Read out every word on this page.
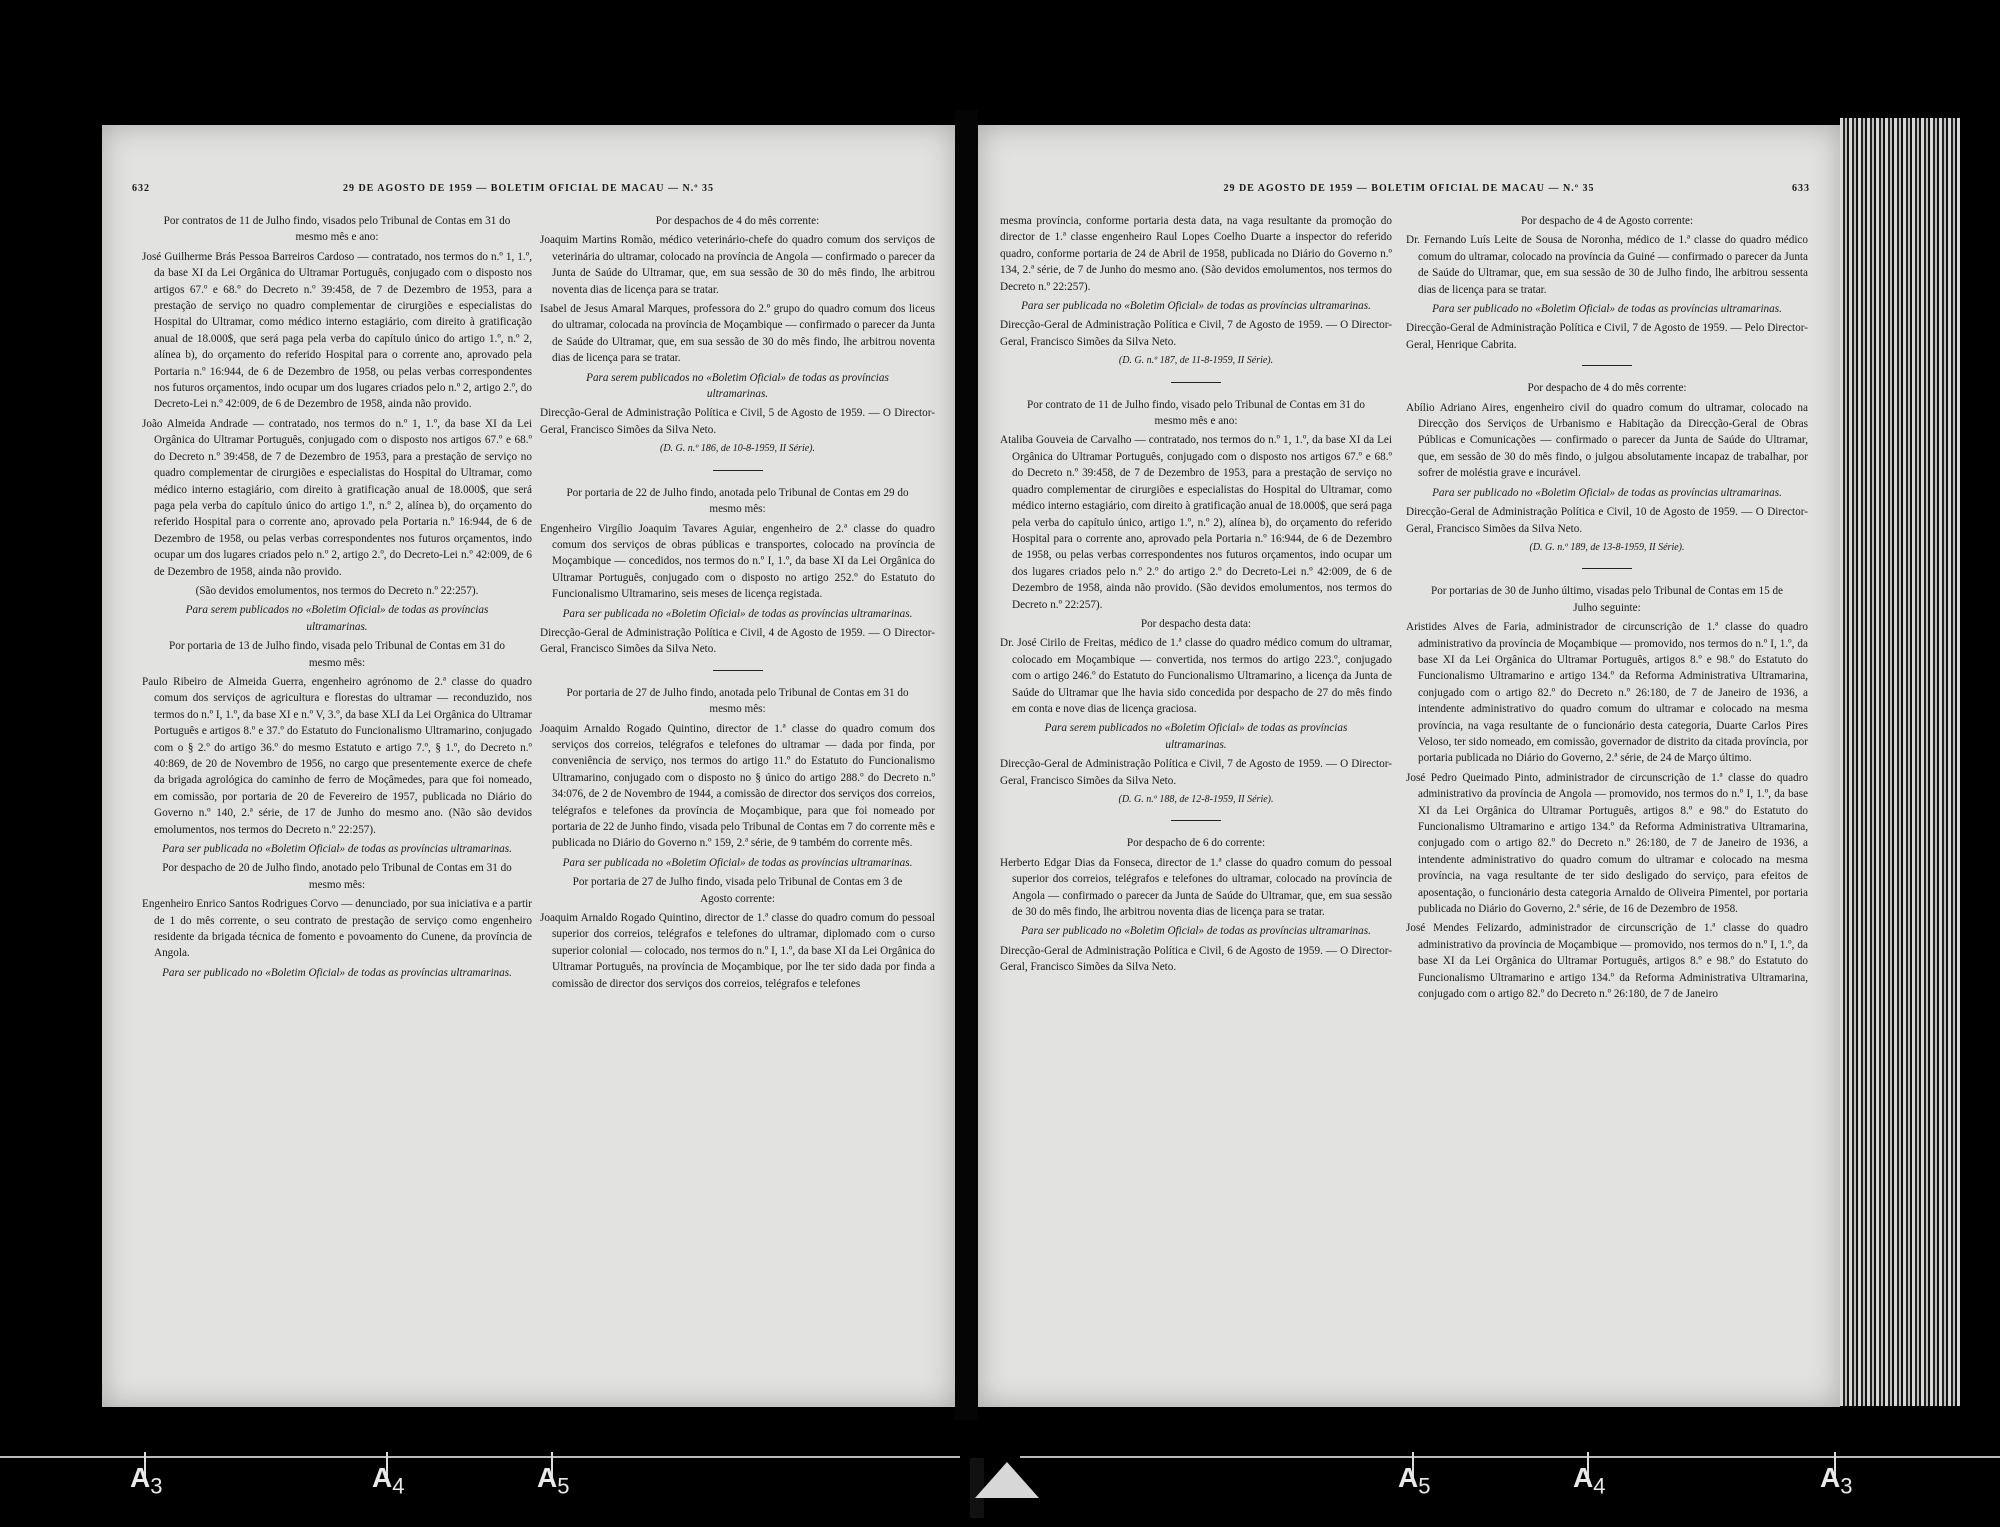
632	29 DE AGOSTO DE 1959 — BOLETIM OFICIAL DE MACAU — N.º 35

Por contratos de 11 de Julho findo, visados pelo Tribunal de Contas em 31 do mesmo mês e ano:

José Guilherme Brás Pessoa Barreiros Cardoso — contratado, nos termos do n.º 1, 1.º, da base XI da Lei Orgânica do Ultramar Português, conjugado com o disposto nos artigos 67.º e 68.º do Decreto n.º 39:458, de 7 de Dezembro de 1953, para a prestação de serviço no quadro complementar de cirurgiões e especialistas do Hospital do Ultramar, como médico interno estagiário, com direito à gratificação anual de 18.000$, que será paga pela verba do capítulo único do artigo 1.º, n.º 2, alínea b), do orçamento do referido Hospital para o corrente ano, aprovado pela Portaria n.º 16:944, de 6 de Dezembro de 1958, ou pelas verbas correspondentes nos futuros orçamentos, indo ocupar um dos lugares criados pelo n.º 2, artigo 2.º, do Decreto-Lei n.º 42:009, de 6 de Dezembro de 1958, ainda não provido.

João Almeida Andrade — contratado, nos termos do n.º 1, 1.º, da base XI da Lei Orgânica do Ultramar Português, conjugado com o disposto nos artigos 67.º e 68.º do Decreto n.º 39:458, de 7 de Dezembro de 1953, para a prestação de serviço no quadro complementar de cirurgiões e especialistas do Hospital do Ultramar, como médico interno estagiário, com direito à gratificação anual de 18.000$, que será paga pela verba do capítulo único do artigo 1.º, n.º 2, alínea b), do orçamento do referido Hospital para o corrente ano, aprovado pela Portaria n.º 16:944, de 6 de Dezembro de 1958, ou pelas verbas correspondentes nos futuros orçamentos, indo ocupar um dos lugares criados pelo n.º 2, artigo 2.º, do Decreto-Lei n.º 42:009, de 6 de Dezembro de 1958, ainda não provido.

(São devidos emolumentos, nos termos do Decreto n.º 22:257).

Para serem publicados no «Boletim Oficial» de todas as províncias ultramarinas.

Por portaria de 13 de Julho findo, visada pelo Tribunal de Contas em 31 do mesmo mês:

Paulo Ribeiro de Almeida Guerra, engenheiro agrónomo de 2.ª classe do quadro comum dos serviços de agricultura e florestas do ultramar — reconduzido, nos termos do n.º I, 1.º, da base XI e n.º V, 3.º, da base XLI da Lei Orgânica do Ultramar Português e artigos 8.º e 37.º do Estatuto do Funcionalismo Ultramarino, conjugado com o § 2.º do artigo 36.º do mesmo Estatuto e artigo 7.º, § 1.º, do Decreto n.º 40:869, de 20 de Novembro de 1956, no cargo que presentemente exerce de chefe da brigada agrológica do caminho de ferro de Moçâmedes, para que foi nomeado, em comissão, por portaria de 20 de Fevereiro de 1957, publicada no Diário do Governo n.º 140, 2.ª série, de 17 de Junho do mesmo ano. (Não são devidos emolumentos, nos termos do Decreto n.º 22:257).

Para ser publicada no «Boletim Oficial» de todas as províncias ultramarinas.

Por despacho de 20 de Julho findo, anotado pelo Tribunal de Contas em 31 do mesmo mês:

Engenheiro Enrico Santos Rodrigues Corvo — denunciado, por sua iniciativa e a partir de 1 do mês corrente, o seu contrato de prestação de serviço como engenheiro residente da brigada técnica de fomento e povoamento do Cunene, da província de Angola.

Para ser publicado no «Boletim Oficial» de todas as províncias ultramarinas.

Por despachos de 4 do mês corrente:

Joaquim Martins Romão, médico veterinário-chefe do quadro comum dos serviços de veterinária do ultramar, colocado na província de Angola — confirmado o parecer da Junta de Saúde do Ultramar, que, em sua sessão de 30 do mês findo, lhe arbitrou noventa dias de licença para se tratar.

Isabel de Jesus Amaral Marques, professora do 2.º grupo do quadro comum dos liceus do ultramar, colocada na província de Moçambique — confirmado o parecer da Junta de Saúde do Ultramar, que, em sua sessão de 30 do mês findo, lhe arbitrou noventa dias de licença para se tratar.

Para serem publicados no «Boletim Oficial» de todas as províncias ultramarinas.

Direcção-Geral de Administração Política e Civil, 5 de Agosto de 1959. — O Director-Geral, Francisco Simões da Silva Neto.

(D. G. n.º 186, de 10-8-1959, II Série).

Por portaria de 22 de Julho findo, anotada pelo Tribunal de Contas em 29 do mesmo mês:

Engenheiro Virgílio Joaquim Tavares Aguiar, engenheiro de 2.ª classe do quadro comum dos serviços de obras públicas e transportes, colocado na província de Moçambique — concedidos, nos termos do n.º I, 1.º, da base XI da Lei Orgânica do Ultramar Português, conjugado com o disposto no artigo 252.º do Estatuto do Funcionalismo Ultramarino, seis meses de licença registada.

Para ser publicada no «Boletim Oficial» de todas as províncias ultramarinas.

Direcção-Geral de Administração Política e Civil, 4 de Agosto de 1959. — O Director-Geral, Francisco Simões da Silva Neto.

Por portaria de 27 de Julho findo, anotada pelo Tribunal de Contas em 31 do mesmo mês:

Joaquim Arnaldo Rogado Quintino, director de 1.ª classe do quadro comum dos serviços dos correios, telégrafos e telefones do ultramar — dada por finda, por conveniência de serviço, nos termos do artigo 11.º do Estatuto do Funcionalismo Ultramarino, conjugado com o disposto no § único do artigo 288.º do Decreto n.º 34:076, de 2 de Novembro de 1944, a comissão de director dos serviços dos correios, telégrafos e telefones da província de Moçambique, para que foi nomeado por portaria de 22 de Junho findo, visada pelo Tribunal de Contas em 7 do corrente mês e publicada no Diário do Governo n.º 159, 2.ª série, de 9 também do corrente mês.

Para ser publicada no «Boletim Oficial» de todas as províncias ultramarinas.

Por portaria de 27 de Julho findo, visada pelo Tribunal de Contas em 3 de Agosto corrente:

Joaquim Arnaldo Rogado Quintino, director de 1.ª classe do quadro comum do pessoal superior dos correios, telégrafos e telefones do ultramar, diplomado com o curso superior colonial — colocado, nos termos do n.º I, 1.º, da base XI da Lei Orgânica do Ultramar Português, na província de Moçambique, por lhe ter sido dada por finda a comissão de director dos serviços dos correios, telégrafos e telefones

29 DE AGOSTO DE 1959 — BOLETIM OFICIAL DE MACAU — N.º 35	633

mesma província, conforme portaria desta data, na vaga resultante da promoção do director de 1.ª classe engenheiro Raul Lopes Coelho Duarte a inspector do referido quadro, conforme portaria de 24 de Abril de 1958, publicada no Diário do Governo n.º 134, 2.ª série, de 7 de Junho do mesmo ano. (São devidos emolumentos, nos termos do Decreto n.º 22:257).

Para ser publicada no «Boletim Oficial» de todas as províncias ultramarinas.

Direcção-Geral de Administração Política e Civil, 7 de Agosto de 1959. — O Director-Geral, Francisco Simões da Silva Neto.

(D. G. n.º 187, de 11-8-1959, II Série).

Por contrato de 11 de Julho findo, visado pelo Tribunal de Contas em 31 do mesmo mês e ano:

Ataliba Gouveia de Carvalho — contratado, nos termos do n.º 1, 1.º, da base XI da Lei Orgânica do Ultramar Português, conjugado com o disposto nos artigos 67.º e 68.º do Decreto n.º 39:458, de 7 de Dezembro de 1953, para a prestação de serviço no quadro complementar de cirurgiões e especialistas do Hospital do Ultramar, como médico interno estagiário, com direito à gratificação anual de 18.000$, que será paga pela verba do capítulo único, artigo 1.º, n.º 2), alínea b), do orçamento do referido Hospital para o corrente ano, aprovado pela Portaria n.º 16:944, de 6 de Dezembro de 1958, ou pelas verbas correspondentes nos futuros orçamentos, indo ocupar um dos lugares criados pelo n.º 2.º do artigo 2.º do Decreto-Lei n.º 42:009, de 6 de Dezembro de 1958, ainda não provido. (São devidos emolumentos, nos termos do Decreto n.º 22:257).

Por despacho desta data:

Dr. José Cirilo de Freitas, médico de 1.ª classe do quadro médico comum do ultramar, colocado em Moçambique — convertida, nos termos do artigo 223.º, conjugado com o artigo 246.º do Estatuto do Funcionalismo Ultramarino, a licença da Junta de Saúde do Ultramar que lhe havia sido concedida por despacho de 27 do mês findo em conta e nove dias de licença graciosa.

Para serem publicados no «Boletim Oficial» de todas as províncias ultramarinas.

Direcção-Geral de Administração Política e Civil, 7 de Agosto de 1959. — O Director-Geral, Francisco Simões da Silva Neto.

(D. G. n.º 188, de 12-8-1959, II Série).

Por despacho de 6 do corrente:

Herberto Edgar Dias da Fonseca, director de 1.ª classe do quadro comum do pessoal superior dos correios, telégrafos e telefones do ultramar, colocado na província de Angola — confirmado o parecer da Junta de Saúde do Ultramar, que, em sua sessão de 30 do mês findo, lhe arbitrou noventa dias de licença para se tratar.

Para ser publicado no «Boletim Oficial» de todas as províncias ultramarinas.

Direcção-Geral de Administração Política e Civil, 6 de Agosto de 1959. — O Director-Geral, Francisco Simões da Silva Neto.

Por despacho de 4 de Agosto corrente:

Dr. Fernando Luís Leite de Sousa de Noronha, médico de 1.ª classe do quadro médico comum do ultramar, colocado na província da Guiné — confirmado o parecer da Junta de Saúde do Ultramar, que, em sua sessão de 30 de Julho findo, lhe arbitrou sessenta dias de licença para se tratar.

Para ser publicado no «Boletim Oficial» de todas as províncias ultramarinas.

Direcção-Geral de Administração Política e Civil, 7 de Agosto de 1959. — Pelo Director-Geral, Henrique Cabrita.

Por despacho de 4 do mês corrente:

Abílio Adriano Aires, engenheiro civil do quadro comum do ultramar, colocado na Direcção dos Serviços de Urbanismo e Habitação da Direcção-Geral de Obras Públicas e Comunicações — confirmado o parecer da Junta de Saúde do Ultramar, que, em sessão de 30 do mês findo, o julgou absolutamente incapaz de trabalhar, por sofrer de moléstia grave e incurável.

Para ser publicado no «Boletim Oficial» de todas as províncias ultramarinas.

Direcção-Geral de Administração Política e Civil, 10 de Agosto de 1959. — O Director-Geral, Francisco Simões da Silva Neto.

(D. G. n.º 189, de 13-8-1959, II Série).

Por portarias de 30 de Junho último, visadas pelo Tribunal de Contas em 15 de Julho seguinte:

Aristides Alves de Faria, administrador de circunscrição de 1.ª classe do quadro administrativo da província de Moçambique — promovido, nos termos do n.º I, 1.º, da base XI da Lei Orgânica do Ultramar Português, artigos 8.º e 98.º do Estatuto do Funcionalismo Ultramarino e artigo 134.º da Reforma Administrativa Ultramarina, conjugado com o artigo 82.º do Decreto n.º 26:180, de 7 de Janeiro de 1936, a intendente administrativo do quadro comum do ultramar e colocado na mesma província, na vaga resultante de o funcionário desta categoria, Duarte Carlos Pires Veloso, ter sido nomeado, em comissão, governador de distrito da citada província, por portaria publicada no Diário do Governo, 2.ª série, de 24 de Março último.

José Pedro Queimado Pinto, administrador de circunscrição de 1.ª classe do quadro administrativo da província de Angola — promovido, nos termos do n.º I, 1.º, da base XI da Lei Orgânica do Ultramar Português, artigos 8.º e 98.º do Estatuto do Funcionalismo Ultramarino e artigo 134.º da Reforma Administrativa Ultramarina, conjugado com o artigo 82.º do Decreto n.º 26:180, de 7 de Janeiro de 1936, a intendente administrativo do quadro comum do ultramar e colocado na mesma província, na vaga resultante de ter sido desligado do serviço, para efeitos de aposentação, o funcionário desta categoria Arnaldo de Oliveira Pimentel, por portaria publicada no Diário do Governo, 2.ª série, de 16 de Dezembro de 1958.

José Mendes Felizardo, administrador de circunscrição de 1.ª classe do quadro administrativo da província de Moçambique — promovido, nos termos do n.º I, 1.º, da base XI da Lei Orgânica do Ultramar Português, artigos 8.º e 98.º do Estatuto do Funcionalismo Ultramarino e artigo 134.º da Reforma Administrativa Ultramarina, conjugado com o artigo 82.º do Decreto n.º 26:180, de 7 de Janeiro

$A_3$	$A_4$	$A_5$	$A_5$	$A_4$	$A_3$
